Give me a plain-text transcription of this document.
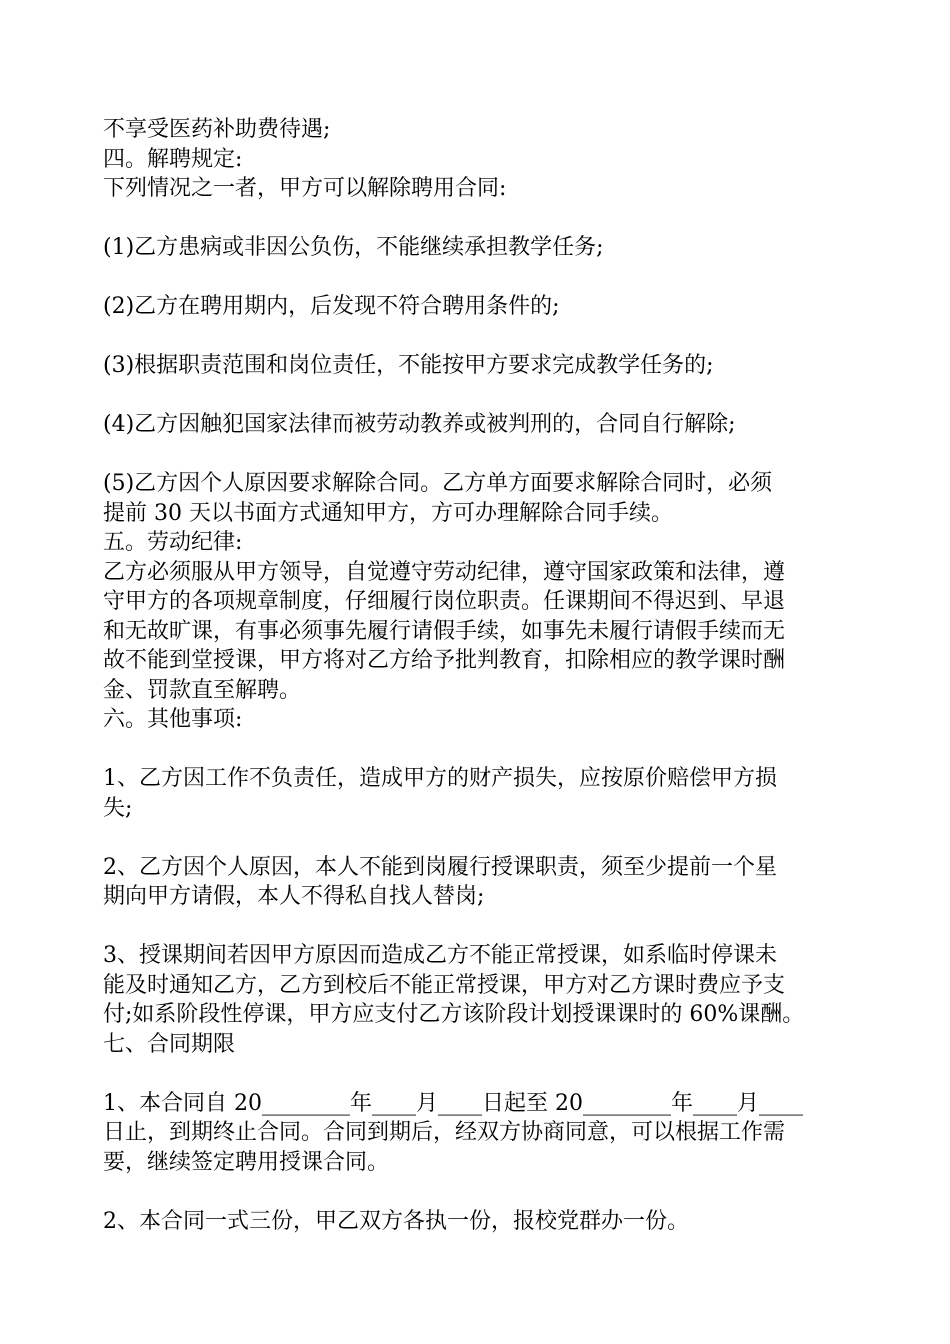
不享受医药补助费待遇;
四。解聘规定:
下列情况之一者，甲方可以解除聘用合同:
(1)乙方患病或非因公负伤，不能继续承担教学任务;
(2)乙方在聘用期内，后发现不符合聘用条件的;
(3)根据职责范围和岗位责任，不能按甲方要求完成教学任务的;
(4)乙方因触犯国家法律而被劳动教养或被判刑的，合同自行解除;
(5)乙方因个人原因要求解除合同。乙方单方面要求解除合同时，必须
提前 30 天以书面方式通知甲方，方可办理解除合同手续。
五。劳动纪律:
乙方必须服从甲方领导，自觉遵守劳动纪律，遵守国家政策和法律，遵
守甲方的各项规章制度，仔细履行岗位职责。任课期间不得迟到、早退
和无故旷课，有事必须事先履行请假手续，如事先未履行请假手续而无
故不能到堂授课，甲方将对乙方给予批判教育，扣除相应的教学课时酬
金、罚款直至解聘。
六。其他事项:
1、乙方因工作不负责任，造成甲方的财产损失，应按原价赔偿甲方损
失;
2、乙方因个人原因，本人不能到岗履行授课职责，须至少提前一个星
期向甲方请假，本人不得私自找人替岗;
3、授课期间若因甲方原因而造成乙方不能正常授课，如系临时停课未
能及时通知乙方，乙方到校后不能正常授课，甲方对乙方课时费应予支
付;如系阶段性停课，甲方应支付乙方该阶段计划授课课时的 60%课酬。
七、合同期限
1、本合同自 20________年____月____日起至 20________年____月____
日止，到期终止合同。合同到期后，经双方协商同意，可以根据工作需
要，继续签定聘用授课合同。
2、本合同一式三份，甲乙双方各执一份，报校党群办一份。
